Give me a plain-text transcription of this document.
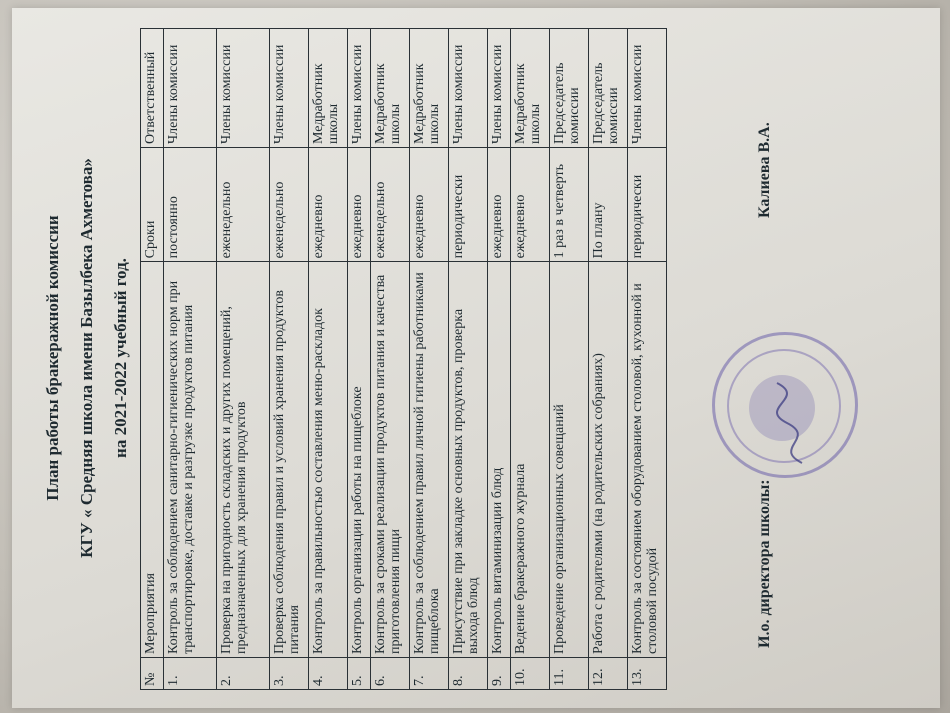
План работы бракеражной комиссии КГУ « Средняя школа имени Базылбека Ахметова» на 2021-2022 учебный год.
№	Мероприятия	Сроки	Ответственный
1.	Контроль за соблюдением санитарно-гигиенических норм при транспортировке, доставке и разгрузке продуктов питания	постоянно	Члены комиссии
2.	Проверка на пригодность складских и других помещений, предназначенных для хранения продуктов	еженедельно	Члены комиссии
3.	Проверка соблюдения правил и условий хранения продуктов питания	еженедельно	Члены комиссии
4.	Контроль за правильностью составления меню-раскладок	ежедневно	Медработник школы
5.	Контроль организации работы на пищеблоке	ежедневно	Члены комиссии
6.	Контроль за сроками реализации продуктов питания и качества приготовления пищи	еженедельно	Медработник школы
7.	Контроль за соблюдением правил личной гигиены работниками пищеблока	ежедневно	Медработник школы
8.	Присутствие при закладке основных продуктов, проверка выхода блюд	периодически	Члены комиссии
9.	Контроль витаминизации блюд	ежедневно	Члены комиссии
10.	Ведение бракеражного журнала	ежедневно	Медработник школы
11.	Проведение организационных совещаний	1 раз в четверть	Председатель комиссии
12.	Работа с родителями (на родительских собраниях)	По плану	Председатель комиссии
13.	Контроль за состоянием оборудованием столовой, кухонной и столовой посудой	периодически	Члены комиссии
И.о. директора школы:
Калиева В.А.
